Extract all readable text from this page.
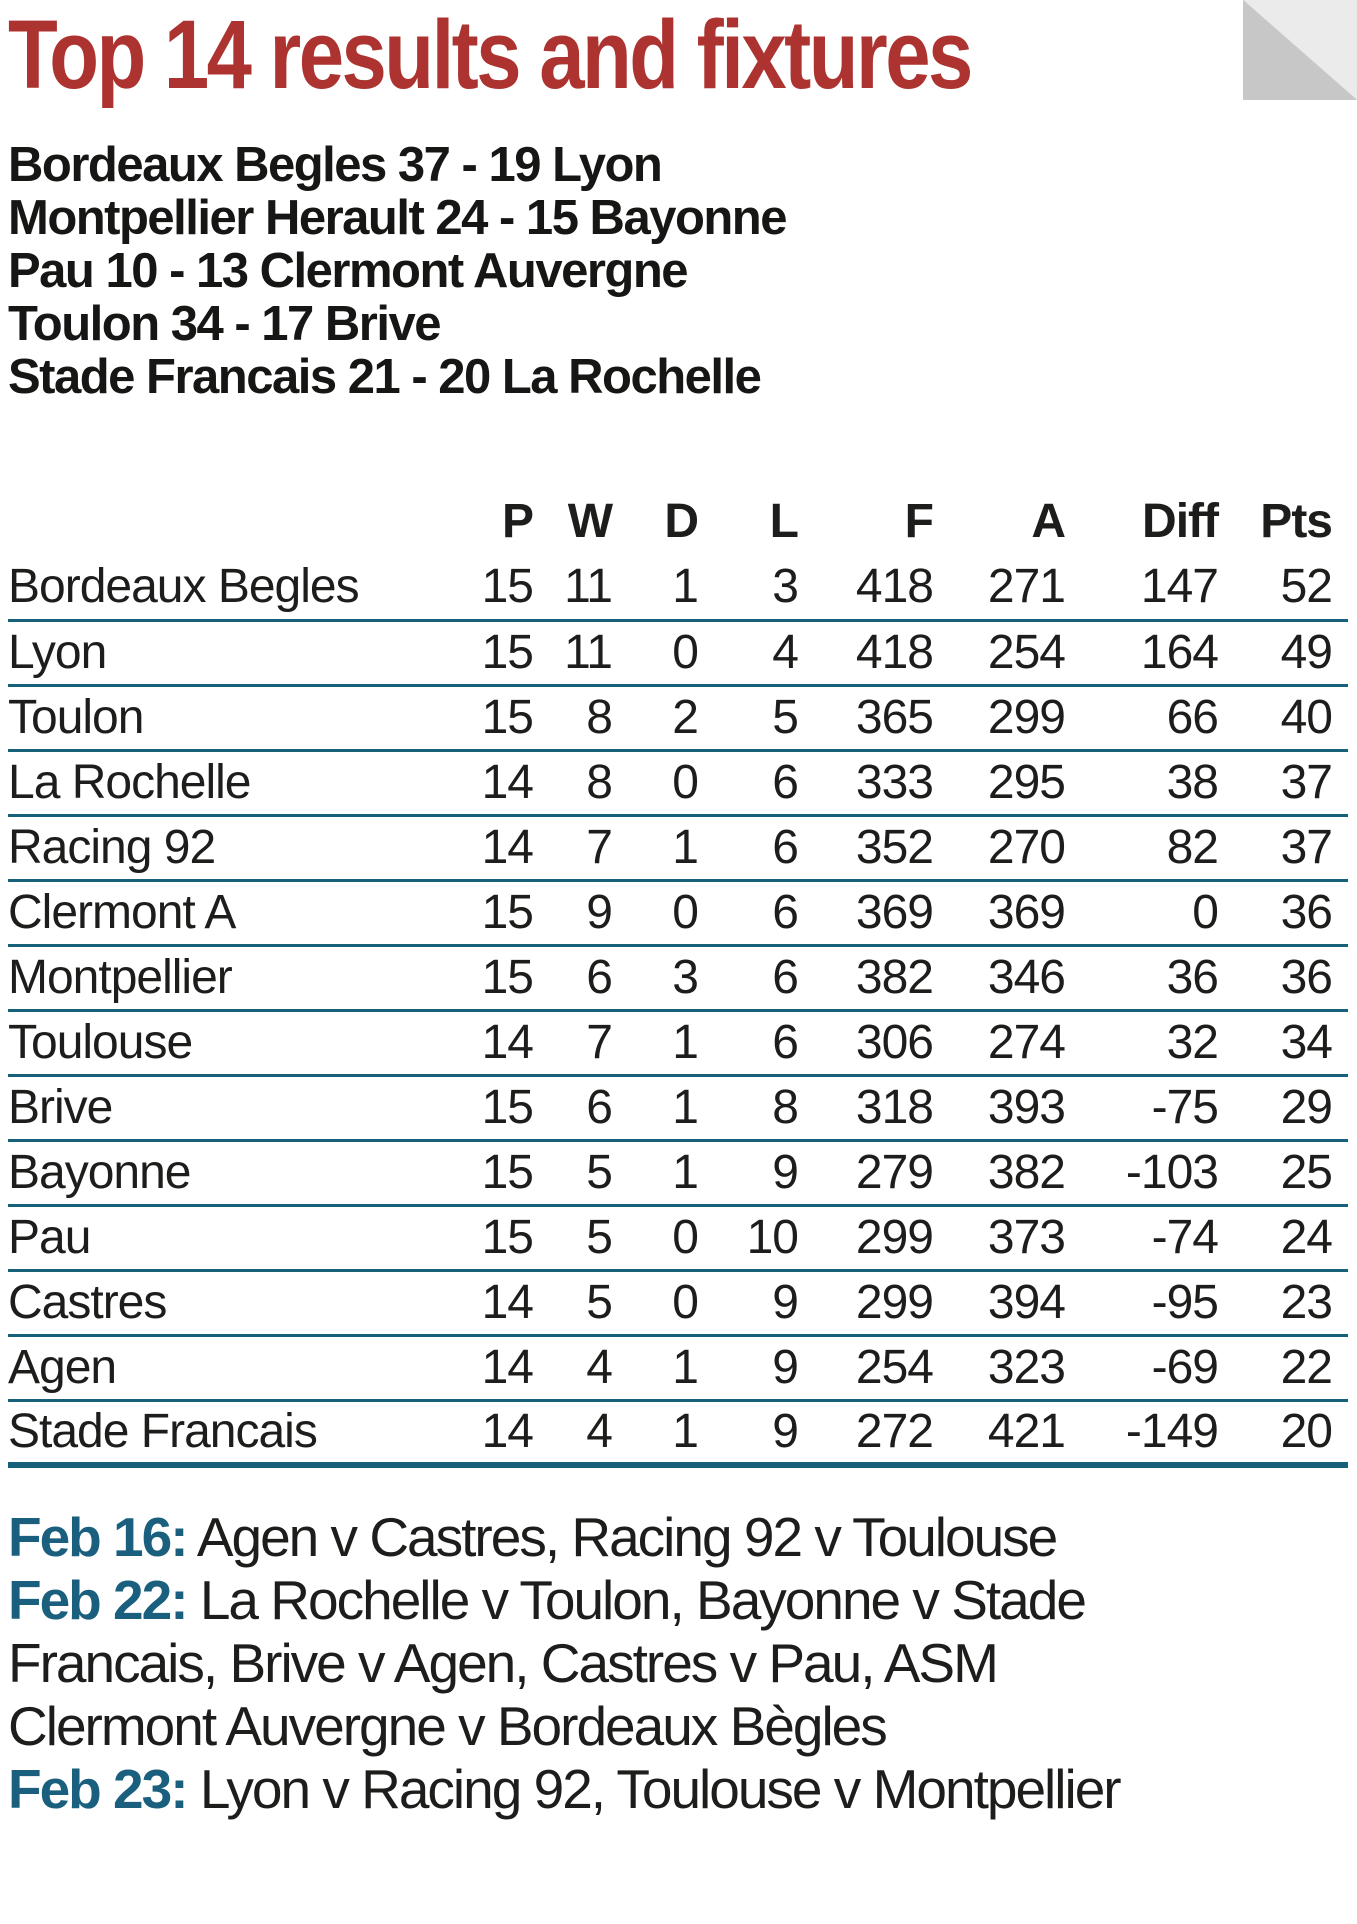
Top 14 results and fixtures
Bordeaux Begles 37 - 19 Lyon
Montpellier Herault 24 - 15 Bayonne
Pau 10 - 13 Clermont Auvergne
Toulon 34 - 17 Brive
Stade Francais 21 - 20 La Rochelle
	P	W	D	L	F	A	Diff	Pts
Bordeaux Begles	15	11	1	3	418	271	147	52
Lyon	15	11	0	4	418	254	164	49
Toulon	15	8	2	5	365	299	66	40
La Rochelle	14	8	0	6	333	295	38	37
Racing 92	14	7	1	6	352	270	82	37
Clermont A	15	9	0	6	369	369	0	36
Montpellier	15	6	3	6	382	346	36	36
Toulouse	14	7	1	6	306	274	32	34
Brive	15	6	1	8	318	393	-75	29
Bayonne	15	5	1	9	279	382	-103	25
Pau	15	5	0	10	299	373	-74	24
Castres	14	5	0	9	299	394	-95	23
Agen	14	4	1	9	254	323	-69	22
Stade Francais	14	4	1	9	272	421	-149	20

Feb 16: Agen v Castres, Racing 92 v Toulouse

Feb 22: La Rochelle v Toulon, Bayonne v Stade Francais, Brive v Agen, Castres v Pau, ASM Clermont Auvergne v Bordeaux Bègles

Feb 23: Lyon v Racing 92, Toulouse v Montpellier
